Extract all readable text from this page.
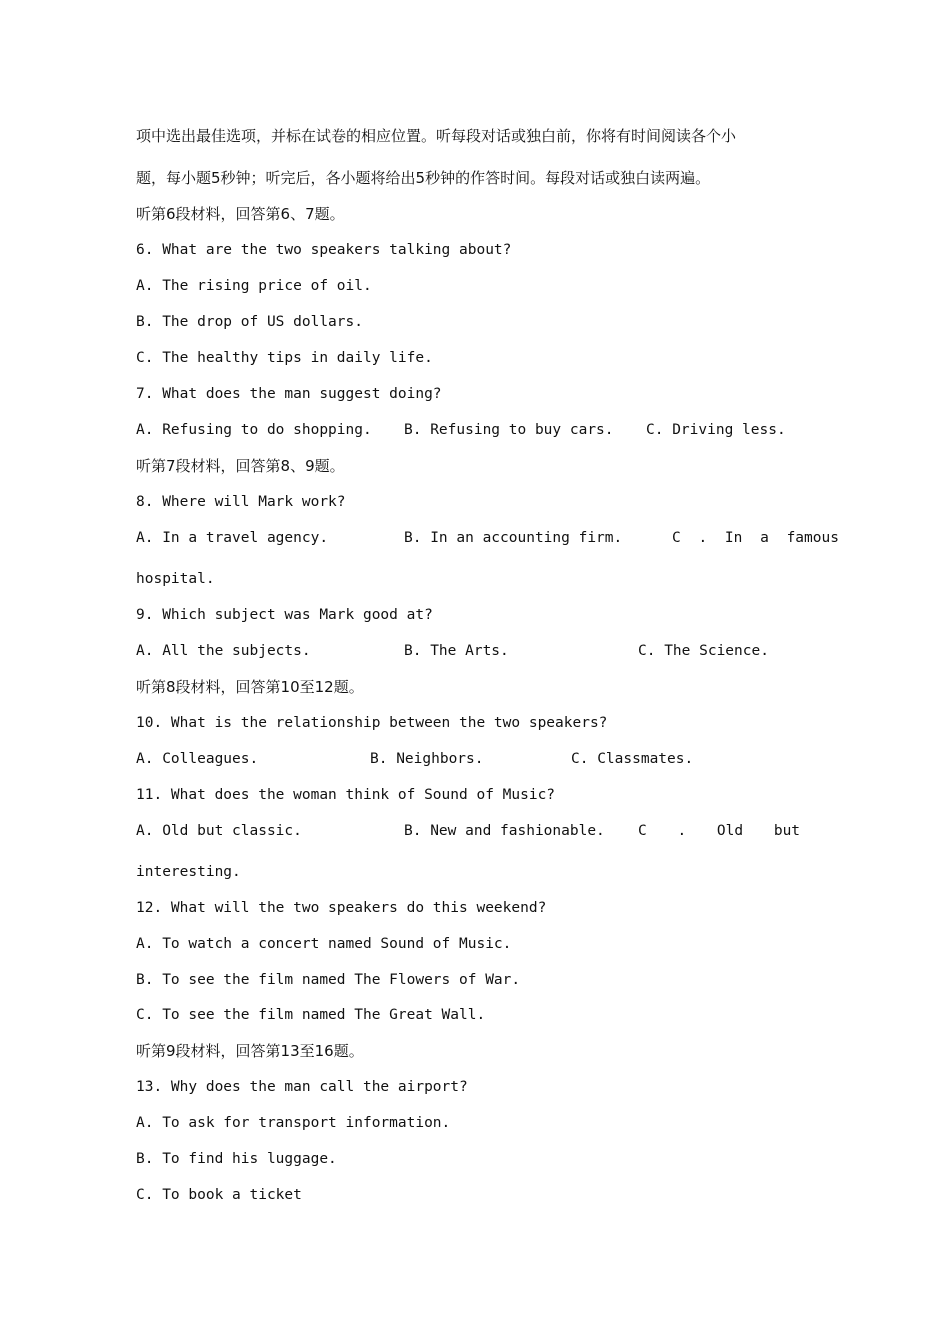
项中选出最佳选项，并标在试卷的相应位置。听每段对话或独白前，你将有时间阅读各个小
题，每小题5秒钟；听完后，各小题将给出5秒钟的作答时间。每段对话或独白读两遍。
听第6段材料，回答第6、7题。
6. What are the two speakers talking about?
A. The rising price of oil.
B. The drop of US dollars.
C. The healthy tips in daily life.
7. What does the man suggest doing?
A. Refusing to do shopping. B. Refusing to buy cars. C. Driving less.
听第7段材料，回答第8、9题。
8. Where will Mark work?
A. In a travel agency.	B. In an accounting firm.	C . In a famous
hospital.
9. Which subject was Mark good at?
A. All the subjects.	B. The Arts.	C. The Science.
听第8段材料，回答第10至12题。
10. What is the relationship between the two speakers?
A. Colleagues.	B. Neighbors.	C. Classmates.
11. What does the woman think of Sound of Music?
A. Old but classic.	B. New and fashionable. C . Old but
interesting.
12. What will the two speakers do this weekend?
A. To watch a concert named Sound of Music.
B. To see the film named The Flowers of War.
C. To see the film named The Great Wall.
听第9段材料，回答第13至16题。
13. Why does the man call the airport?
A. To ask for transport information.
B. To find his luggage.
C. To book a ticket
